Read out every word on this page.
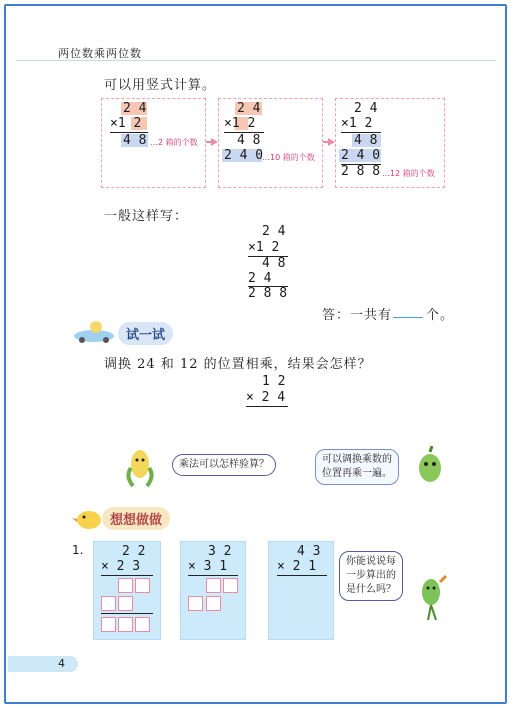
两位数乘两位数
可以用竖式计算。
2 4
×1 2
4 8 …2 箱的个数
2 4
×1 2
4 8
2 4 0
…10 箱的个数
2 4
×1 2
4 8
2 4 0
2 8 8 …12 箱的个数
一般这样写：
2 4
×1 2
4 8
2 4
2 8 8
答：一共有	个。
试一试
调换 24 和 12 的位置相乘，结果会怎样？
1 2
× 2 4
乘法可以怎样验算？	可以调换乘数的
位置再乘一遍。
想想做做
1.	2 2
× 2 3
3 2
× 3 1
4 3
× 2 1	你能说说每
一步算出的
是什么吗？
4
